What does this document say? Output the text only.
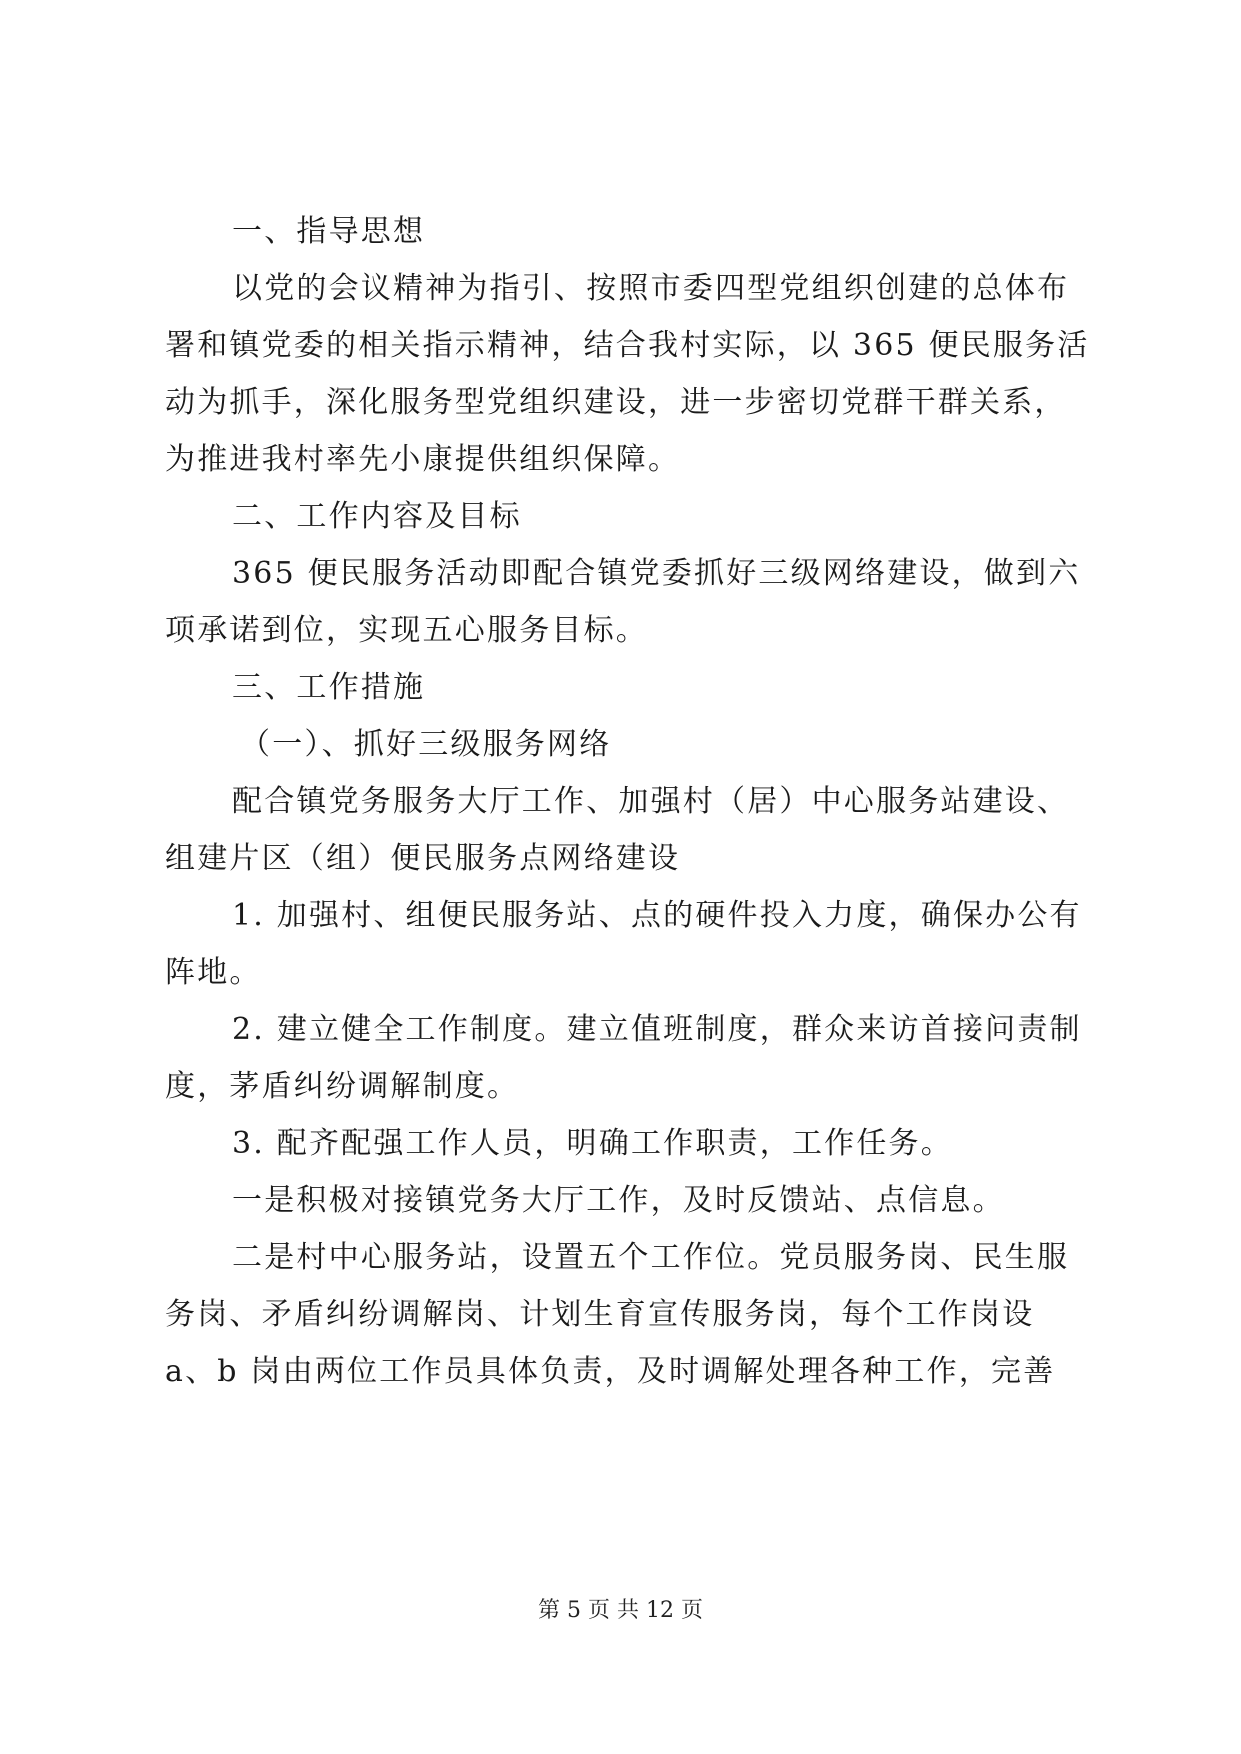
一、指导思想
以党的会议精神为指引、按照市委四型党组织创建的总体布
署和镇党委的相关指示精神，结合我村实际，以 365 便民服务活
动为抓手，深化服务型党组织建设，进一步密切党群干群关系，
为推进我村率先小康提供组织保障。
二、工作内容及目标
365 便民服务活动即配合镇党委抓好三级网络建设，做到六
项承诺到位，实现五心服务目标。
三、工作措施
（一）、抓好三级服务网络
配合镇党务服务大厅工作、加强村（居）中心服务站建设、
组建片区（组）便民服务点网络建设
1. 加强村、组便民服务站、点的硬件投入力度，确保办公有
阵地。
2. 建立健全工作制度。建立值班制度，群众来访首接问责制
度，茅盾纠纷调解制度。
3. 配齐配强工作人员，明确工作职责，工作任务。
一是积极对接镇党务大厅工作，及时反馈站、点信息。
二是村中心服务站，设置五个工作位。党员服务岗、民生服
务岗、矛盾纠纷调解岗、计划生育宣传服务岗，每个工作岗设
a、b 岗由两位工作员具体负责，及时调解处理各种工作，完善
第 5 页 共 12 页
